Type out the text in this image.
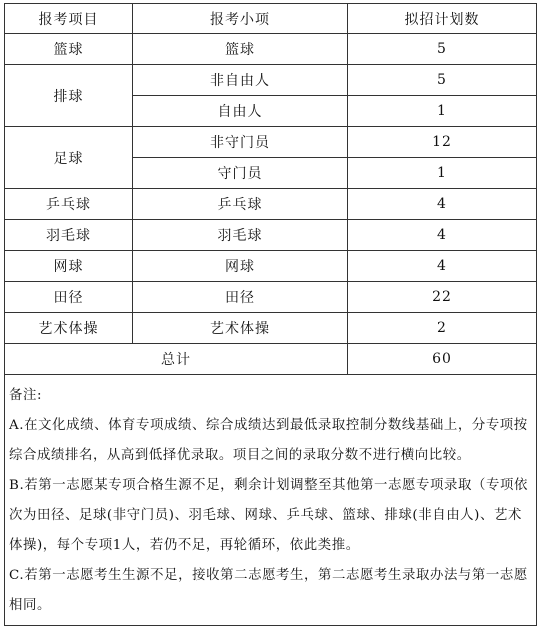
报考项目	报考小项	拟招计划数
篮球	篮球	5
排球	非自由人	5
	自由人	1
足球	非守门员	12
	守门员	1
乒乓球	乒乓球	4
羽毛球	羽毛球	4
网球	网球	4
田径	田径	22
艺术体操	艺术体操	2
总计		60

备注:
A.在文化成绩、体育专项成绩、综合成绩达到最低录取控制分数线基础上，分专项按综合成绩排名，从高到低择优录取。项目之间的录取分数不进行横向比较。
B.若第一志愿某专项合格生源不足，剩余计划调整至其他第一志愿专项录取（专项依次为田径、足球(非守门员)、羽毛球、网球、乒乓球、篮球、排球(非自由人)、艺术体操)，每个专项1人，若仍不足，再轮循环，依此类推。
C.若第一志愿考生生源不足，接收第二志愿考生，第二志愿考生录取办法与第一志愿相同。		
